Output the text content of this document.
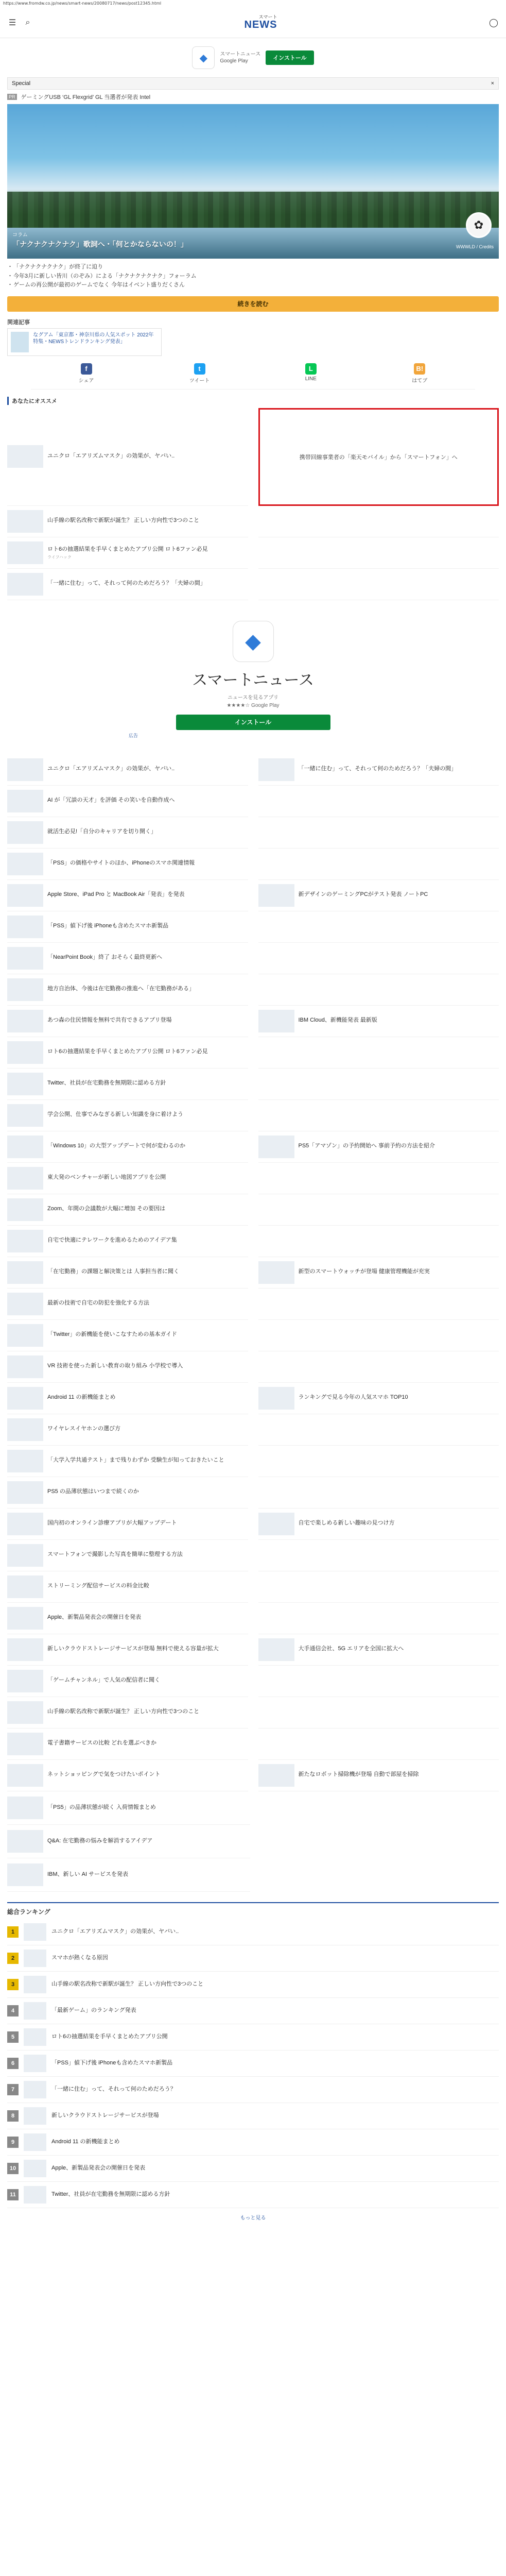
https://www.fromdw.co.jp/news/smart-news/20080717/news/post12345.html
☰	⌕
スマート
NEWS	◯
◆	スマートニュース
Google Play	インストール
Special	×
PR ゲーミングUSB ‘GL Flexgrid’ GL 当選者が発表 Intel
✿
コラム
「ナクナクナクナク」歌詞へ・「何とかならないの！」	WWWLD / Credits
・ 「ナクナクナクナク」が終了に迫り
・ 今年3月に新しい皆川（のぞみ）による「ナクナクナクナク」フォーラム
・ ゲームの再公開が最初のゲームでなく 今年はイベント盛りだくさん
続きを読む
関連記事
なグアム「東京都・神奈川県の人気スポット 2022年特集・NEWSトレンドランキング発表」
f
シェア
t
ツイート
L
LINE
B!
はてブ
あなたにオススメ
ユニクロ「エアリズムマスク」の効果が、ヤバい..	携帯回線事業者の「楽天モバイル」から「スマートフォン」へ
山手線の駅名改称で新駅が誕生？ 正しい方向性で3つのこと
ロト6の抽選結果を手早くまとめたアプリ公開 ロト6ファン必見
ライフハック
「一緒に住む」って、それって何のためだろう？「夫婦の間」
◆
スマートニュース
ニュースを見るアプリ
★★★★☆ Google Play
インストール
広告
ユニクロ「エアリズムマスク」の効果が、ヤバい..	「一緒に住む」って、それって何のためだろう？「夫婦の間」
AI が「冗談の天才」を評価 その笑いを自動作成へ
就活生必見!「自分のキャリアを切り開く」
「PSS」の価格やサイトのほか、iPhoneのスマホ関連情報
Apple Store、iPad Pro と MacBook Air「発表」を発表	新デザインのゲーミングPCがテスト発表 ノートPC
「PSS」値下げ後 iPhoneも含めたスマホ新製品
「NearPoint Book」終了 おそらく最終更新へ
地方自治体、今後は在宅勤務の推進へ「在宅勤務がある」
あつ森の住民情報を無料で共有できるアプリ登場	IBM Cloud、新機能発表 最新版
ロト6の抽選結果を手早くまとめたアプリ公開 ロト6ファン必見
Twitter、社員が在宅勤務を無期限に認める方針
学会公開、仕事でみなぎる新しい知識を身に着けよう
「Windows 10」の大型アップデートで何が変わるのか	PS5「アマゾン」の予約開始へ 事前予約の方法を紹介
東大発のベンチャーが新しい地図アプリを公開
Zoom、年間の会議数が大幅に増加 その要因は
自宅で快適にテレワークを進めるためのアイデア集
「在宅勤務」の課題と解決策とは 人事担当者に聞く	新型のスマートウォッチが登場 健康管理機能が充実
最新の技術で自宅の防犯を強化する方法
「Twitter」の新機能を使いこなすための基本ガイド
VR 技術を使った新しい教育の取り組み 小学校で導入
Android 11 の新機能まとめ	ランキングで見る今年の人気スマホ TOP10
ワイヤレスイヤホンの選び方
「大学入学共通テスト」まで残りわずか 受験生が知っておきたいこと
PS5 の品薄状態はいつまで続くのか
国内初のオンライン診療アプリが大幅アップデート	自宅で楽しめる新しい趣味の見つけ方
スマートフォンで撮影した写真を簡単に整理する方法
ストリーミング配信サービスの料金比較
Apple、新製品発表会の開催日を発表
新しいクラウドストレージサービスが登場 無料で使える容量が拡大	大手通信会社、5G エリアを全国に拡大へ
「ゲームチャンネル」で人気の配信者に聞く
山手線の駅名改称で新駅が誕生？ 正しい方向性で3つのこと
電子書籍サービスの比較 どれを選ぶべきか
ネットショッピングで気をつけたいポイント	新たなロボット掃除機が登場 自動で部屋を掃除
「PS5」の品薄状態が続く 入荷情報まとめ
Q&A: 在宅勤務の悩みを解消するアイデア
IBM、新しい AI サービスを発表
総合ランキング
1	ユニクロ「エアリズムマスク」の効果が、ヤバい..
2	スマホが熱くなる原因
3	山手線の駅名改称で新駅が誕生？ 正しい方向性で3つのこと
4	「最新ゲーム」のランキング発表
5	ロト6の抽選結果を手早くまとめたアプリ公開
6	「PSS」値下げ後 iPhoneも含めたスマホ新製品
7	「一緒に住む」って、それって何のためだろう？
8	新しいクラウドストレージサービスが登場
9	Android 11 の新機能まとめ
10	Apple、新製品発表会の開催日を発表
11	Twitter、社員が在宅勤務を無期限に認める方針
もっと見る
